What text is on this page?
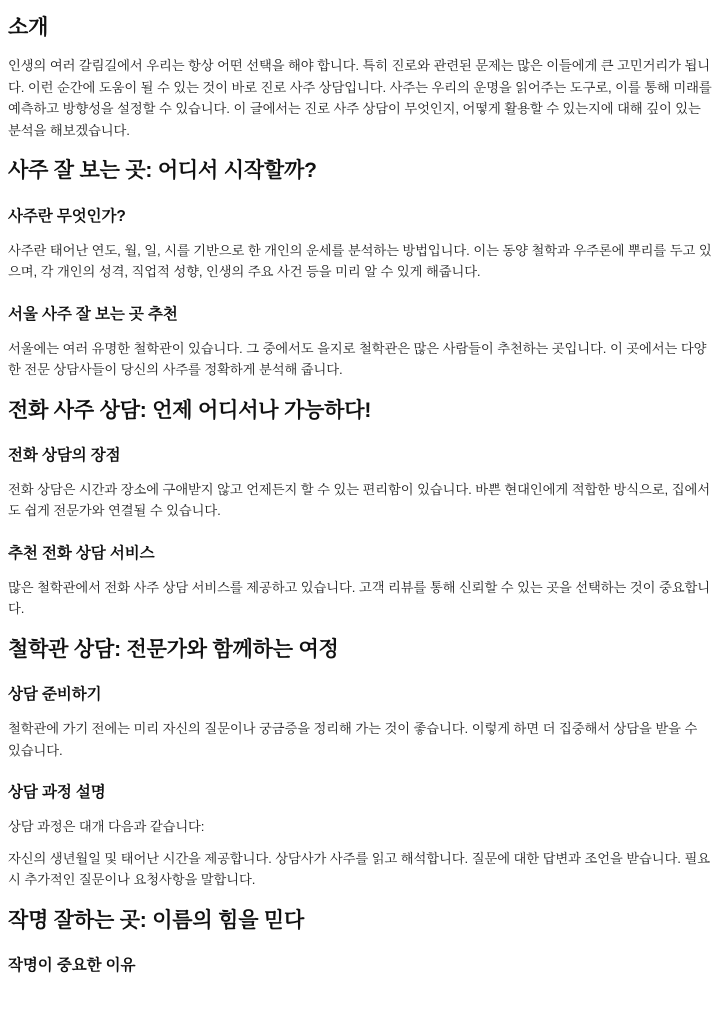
소개

인생의 여러 갈림길에서 우리는 항상 어떤 선택을 해야 합니다. 특히 진로와 관련된 문제는 많은 이들에게 큰 고민거리가 됩니다. 이런 순간에 도움이 될 수 있는 것이 바로 진로 사주 상담입니다. 사주는 우리의 운명을 읽어주는 도구로, 이를 통해 미래를 예측하고 방향성을 설정할 수 있습니다. 이 글에서는 진로 사주 상담이 무엇인지, 어떻게 활용할 수 있는지에 대해 깊이 있는 분석을 해보겠습니다.

사주 잘 보는 곳: 어디서 시작할까?
사주란 무엇인가?

사주란 태어난 연도, 월, 일, 시를 기반으로 한 개인의 운세를 분석하는 방법입니다. 이는 동양 철학과 우주론에 뿌리를 두고 있으며, 각 개인의 성격, 직업적 성향, 인생의 주요 사건 등을 미리 알 수 있게 해줍니다.

서울 사주 잘 보는 곳 추천

서울에는 여러 유명한 철학관이 있습니다. 그 중에서도 을지로 철학관은 많은 사람들이 추천하는 곳입니다. 이 곳에서는 다양한 전문 상담사들이 당신의 사주를 정확하게 분석해 줍니다.

전화 사주 상담: 언제 어디서나 가능하다!
전화 상담의 장점

전화 상담은 시간과 장소에 구애받지 않고 언제든지 할 수 있는 편리함이 있습니다. 바쁜 현대인에게 적합한 방식으로, 집에서도 쉽게 전문가와 연결될 수 있습니다.

추천 전화 상담 서비스

많은 철학관에서 전화 사주 상담 서비스를 제공하고 있습니다. 고객 리뷰를 통해 신뢰할 수 있는 곳을 선택하는 것이 중요합니다.

철학관 상담: 전문가와 함께하는 여정
상담 준비하기

철학관에 가기 전에는 미리 자신의 질문이나 궁금증을 정리해 가는 것이 좋습니다. 이렇게 하면 더 집중해서 상담을 받을 수 있습니다.

상담 과정 설명

상담 과정은 대개 다음과 같습니다:

자신의 생년월일 및 태어난 시간을 제공합니다. 상담사가 사주를 읽고 해석합니다. 질문에 대한 답변과 조언을 받습니다. 필요시 추가적인 질문이나 요청사항을 말합니다.

작명 잘하는 곳: 이름의 힘을 믿다
작명이 중요한 이유
